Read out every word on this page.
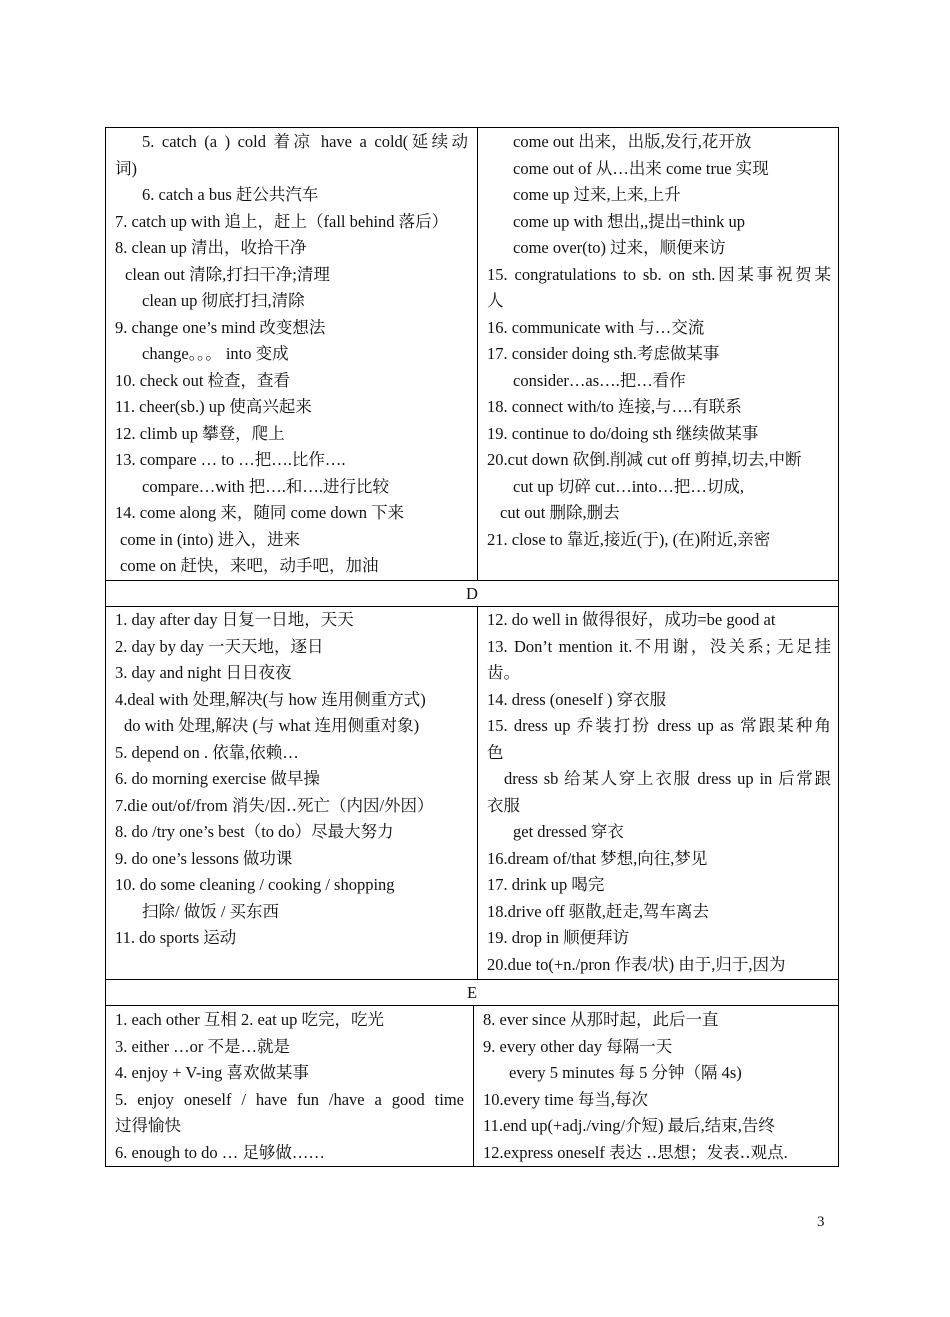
5. catch (a ) cold 着凉 have a cold(延续动
词)
6. catch a bus 赶公共汽车
7. catch up with 追上，赶上（fall behind 落后）
8. clean up 清出，收拾干净
clean out 清除,打扫干净;清理
clean up 彻底打扫,清除
9. change one’s mind 改变想法
change。。。 into 变成
10. check out 检查，查看
11. cheer(sb.) up 使高兴起来
12. climb up 攀登，爬上
13. compare … to …把….比作….
compare…with 把….和….进行比较
14. come along 来，随同 come down 下来
come in (into) 进入，进来
come on 赶快，来吧，动手吧，加油
come out 出来，出版,发行,花开放
come out of 从…出来 come true 实现
come up 过来,上来,上升
come up with 想出,,提出=think up
come over(to) 过来，顺便来访
15. congratulations to sb. on sth.因某事祝贺某
人
16. communicate with 与…交流
17. consider doing sth.考虑做某事
consider…as….把…看作
18. connect with/to 连接,与….有联系
19. continue to do/doing sth 继续做某事
20.cut down 砍倒.削减 cut off 剪掉,切去,中断
cut up 切碎 cut…into…把…切成,
cut out 删除,删去
21. close to 靠近,接近(于), (在)附近,亲密
D
1. day after day 日复一日地，天天
2. day by day 一天天地，逐日
3. day and night 日日夜夜
4.deal with 处理,解决(与 how 连用侧重方式)
do with 处理,解决 (与 what 连用侧重对象)
5. depend on . 依靠,依赖…
6. do morning exercise 做早操
7.die out/of/from 消失/因‥死亡（内因/外因）
8. do /try one’s best（to do）尽最大努力
9. do one’s lessons 做功课
10. do some cleaning / cooking / shopping
扫除/ 做饭 / 买东西
11. do sports 运动
12. do well in 做得很好，成功=be good at
13. Don’t mention it.不用谢，没关系; 无足挂
齿。
14. dress (oneself ) 穿衣服
15. dress up 乔装打扮 dress up as 常跟某种角
色
dress sb 给某人穿上衣服 dress up in 后常跟
衣服
get dressed 穿衣
16.dream of/that 梦想,向往,梦见
17. drink up 喝完
18.drive off 驱散,赶走,驾车离去
19. drop in 顺便拜访
20.due to(+n./pron 作表/状) 由于,归于,因为
E
1. each other 互相 2. eat up 吃完，吃光
3. either …or 不是…就是
4. enjoy + V-ing 喜欢做某事
5. enjoy oneself / have fun /have a good time
过得愉快
6. enough to do … 足够做……
8. ever since 从那时起，此后一直
9. every other day 每隔一天
every 5 minutes 每 5 分钟（隔 4s)
10.every time 每当,每次
11.end up(+adj./ving/介短) 最后,结束,告终
12.express oneself 表达 ‥思想；发表‥观点.
3
